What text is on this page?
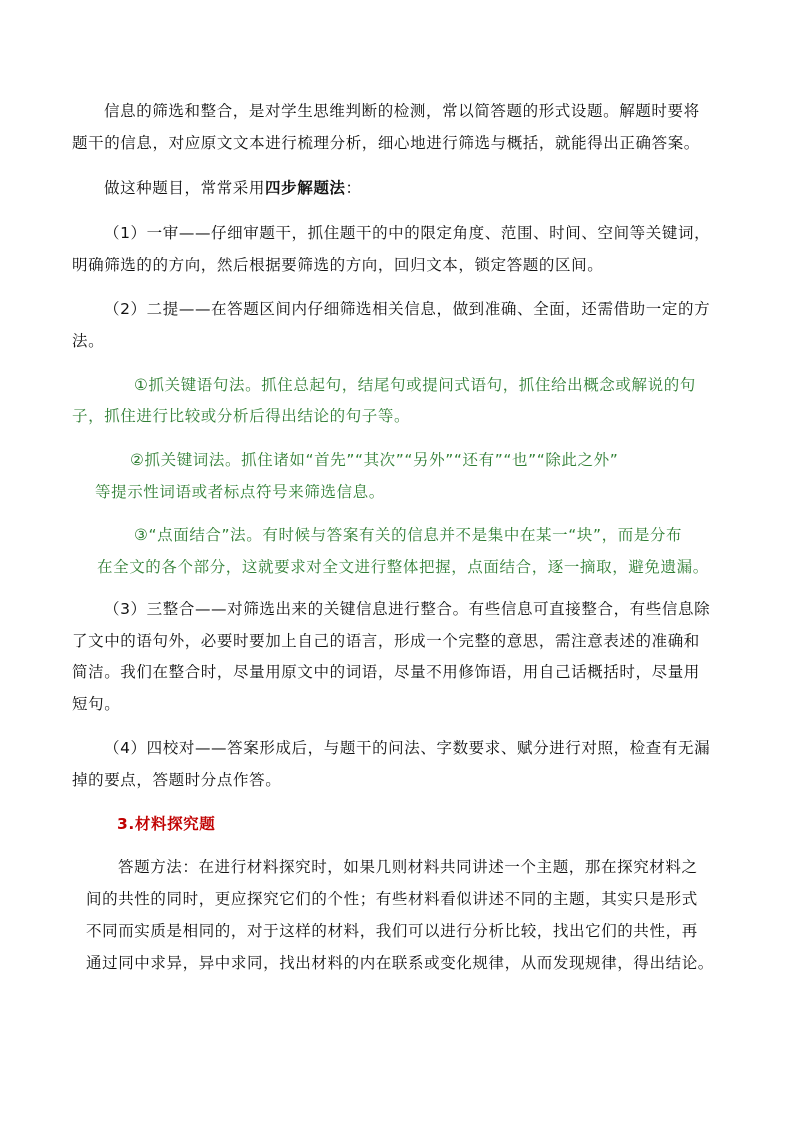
信息的筛选和整合，是对学生思维判断的检测，常以简答题的形式设题。解题时要将
题干的信息，对应原文文本进行梳理分析，细心地进行筛选与概括，就能得出正确答案。
做这种题目，常常采用四步解题法：
（1）一审——仔细审题干，抓住题干的中的限定角度、范围、时间、空间等关键词，
明确筛选的的方向，然后根据要筛选的方向，回归文本，锁定答题的区间。
（2）二提——在答题区间内仔细筛选相关信息，做到准确、全面，还需借助一定的方
法。
①抓关键语句法。抓住总起句，结尾句或提问式语句，抓住给出概念或解说的句
子，抓住进行比较或分析后得出结论的句子等。
②抓关键词法。抓住诸如“首先”“其次”“另外”“还有”“也”“除此之外”
等提示性词语或者标点符号来筛选信息。
③“点面结合”法。有时候与答案有关的信息并不是集中在某一“块”，而是分布
在全文的各个部分，这就要求对全文进行整体把握，点面结合，逐一摘取，避免遗漏。
（3）三整合——对筛选出来的关键信息进行整合。有些信息可直接整合，有些信息除
了文中的语句外，必要时要加上自己的语言，形成一个完整的意思，需注意表述的准确和
简洁。我们在整合时，尽量用原文中的词语，尽量不用修饰语，用自己话概括时，尽量用
短句。
（4）四校对——答案形成后，与题干的问法、字数要求、赋分进行对照，检查有无漏
掉的要点，答题时分点作答。
3.材料探究题
答题方法：在进行材料探究时，如果几则材料共同讲述一个主题，那在探究材料之
间的共性的同时，更应探究它们的个性；有些材料看似讲述不同的主题，其实只是形式
不同而实质是相同的，对于这样的材料，我们可以进行分析比较，找出它们的共性，再
通过同中求异，异中求同，找出材料的内在联系或变化规律，从而发现规律，得出结论。
